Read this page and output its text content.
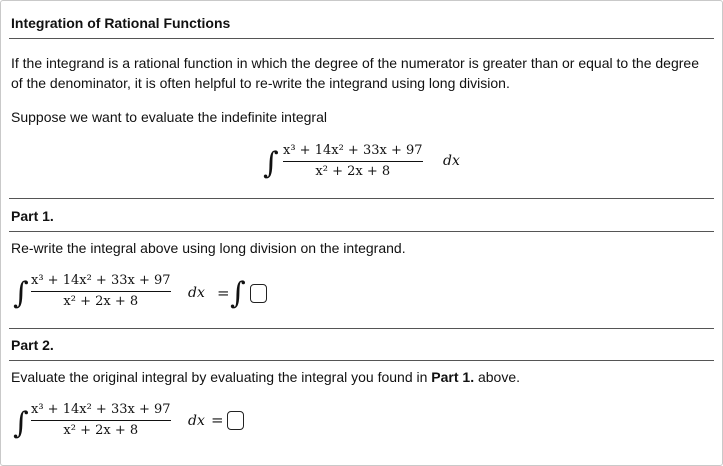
Integration of Rational Functions
If the integrand is a rational function in which the degree of the numerator is greater than or equal to the degree of the denominator, it is often helpful to re-write the integrand using long division.
Suppose we want to evaluate the indefinite integral
∫ x³ + 14x² + 33x + 97
x² + 2x + 8
dx
Part 1.
Re-write the integral above using long division on the integrand.
∫ x³ + 14x² + 33x + 97
x² + 2x + 8
dx = ∫
Part 2.
Evaluate the original integral by evaluating the integral you found in Part 1. above.
∫ x³ + 14x² + 33x + 97
x² + 2x + 8
dx =
